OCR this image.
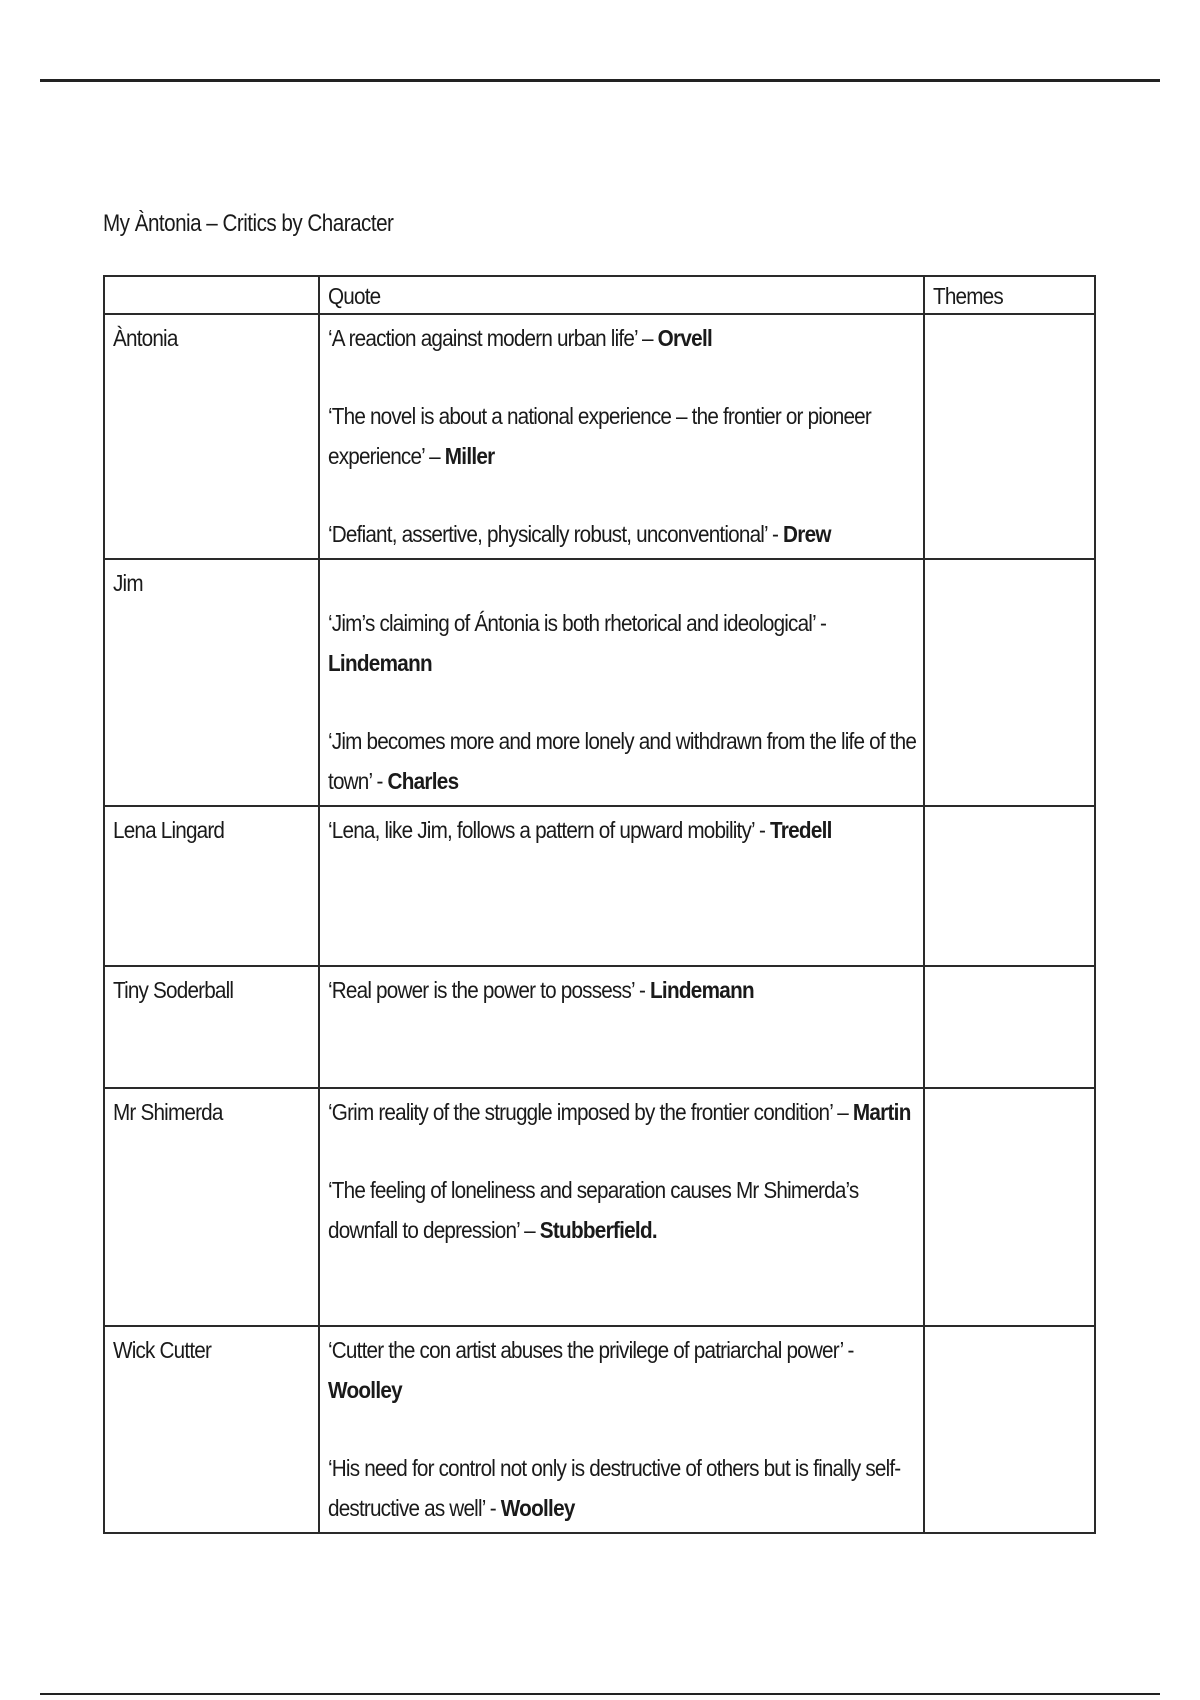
My Àntonia – Critics by Character

	Quote	Themes

Àntonia	‘A reaction against modern urban life’ – Orvell
‘The novel is about a national experience – the frontier or pioneer experience’ – Miller
‘Defiant, assertive, physically robust, unconventional’ - Drew	

Jim	‘Jim’s claiming of Ántonia is both rhetorical and ideological’ - Lindemann
‘Jim becomes more and more lonely and withdrawn from the life of the town’ - Charles	

Lena Lingard	‘Lena, like Jim, follows a pattern of upward mobility’ - Tredell	

Tiny Soderball	‘Real power is the power to possess’ - Lindemann	

Mr Shimerda	‘Grim reality of the struggle imposed by the frontier condition’ – Martin
‘The feeling of loneliness and separation causes Mr Shimerda’s downfall to depression’ – Stubberfield.	

Wick Cutter	‘Cutter the con artist abuses the privilege of patriarchal power’ - Woolley
‘His need for control not only is destructive of others but is finally self-destructive as well’ - Woolley	
